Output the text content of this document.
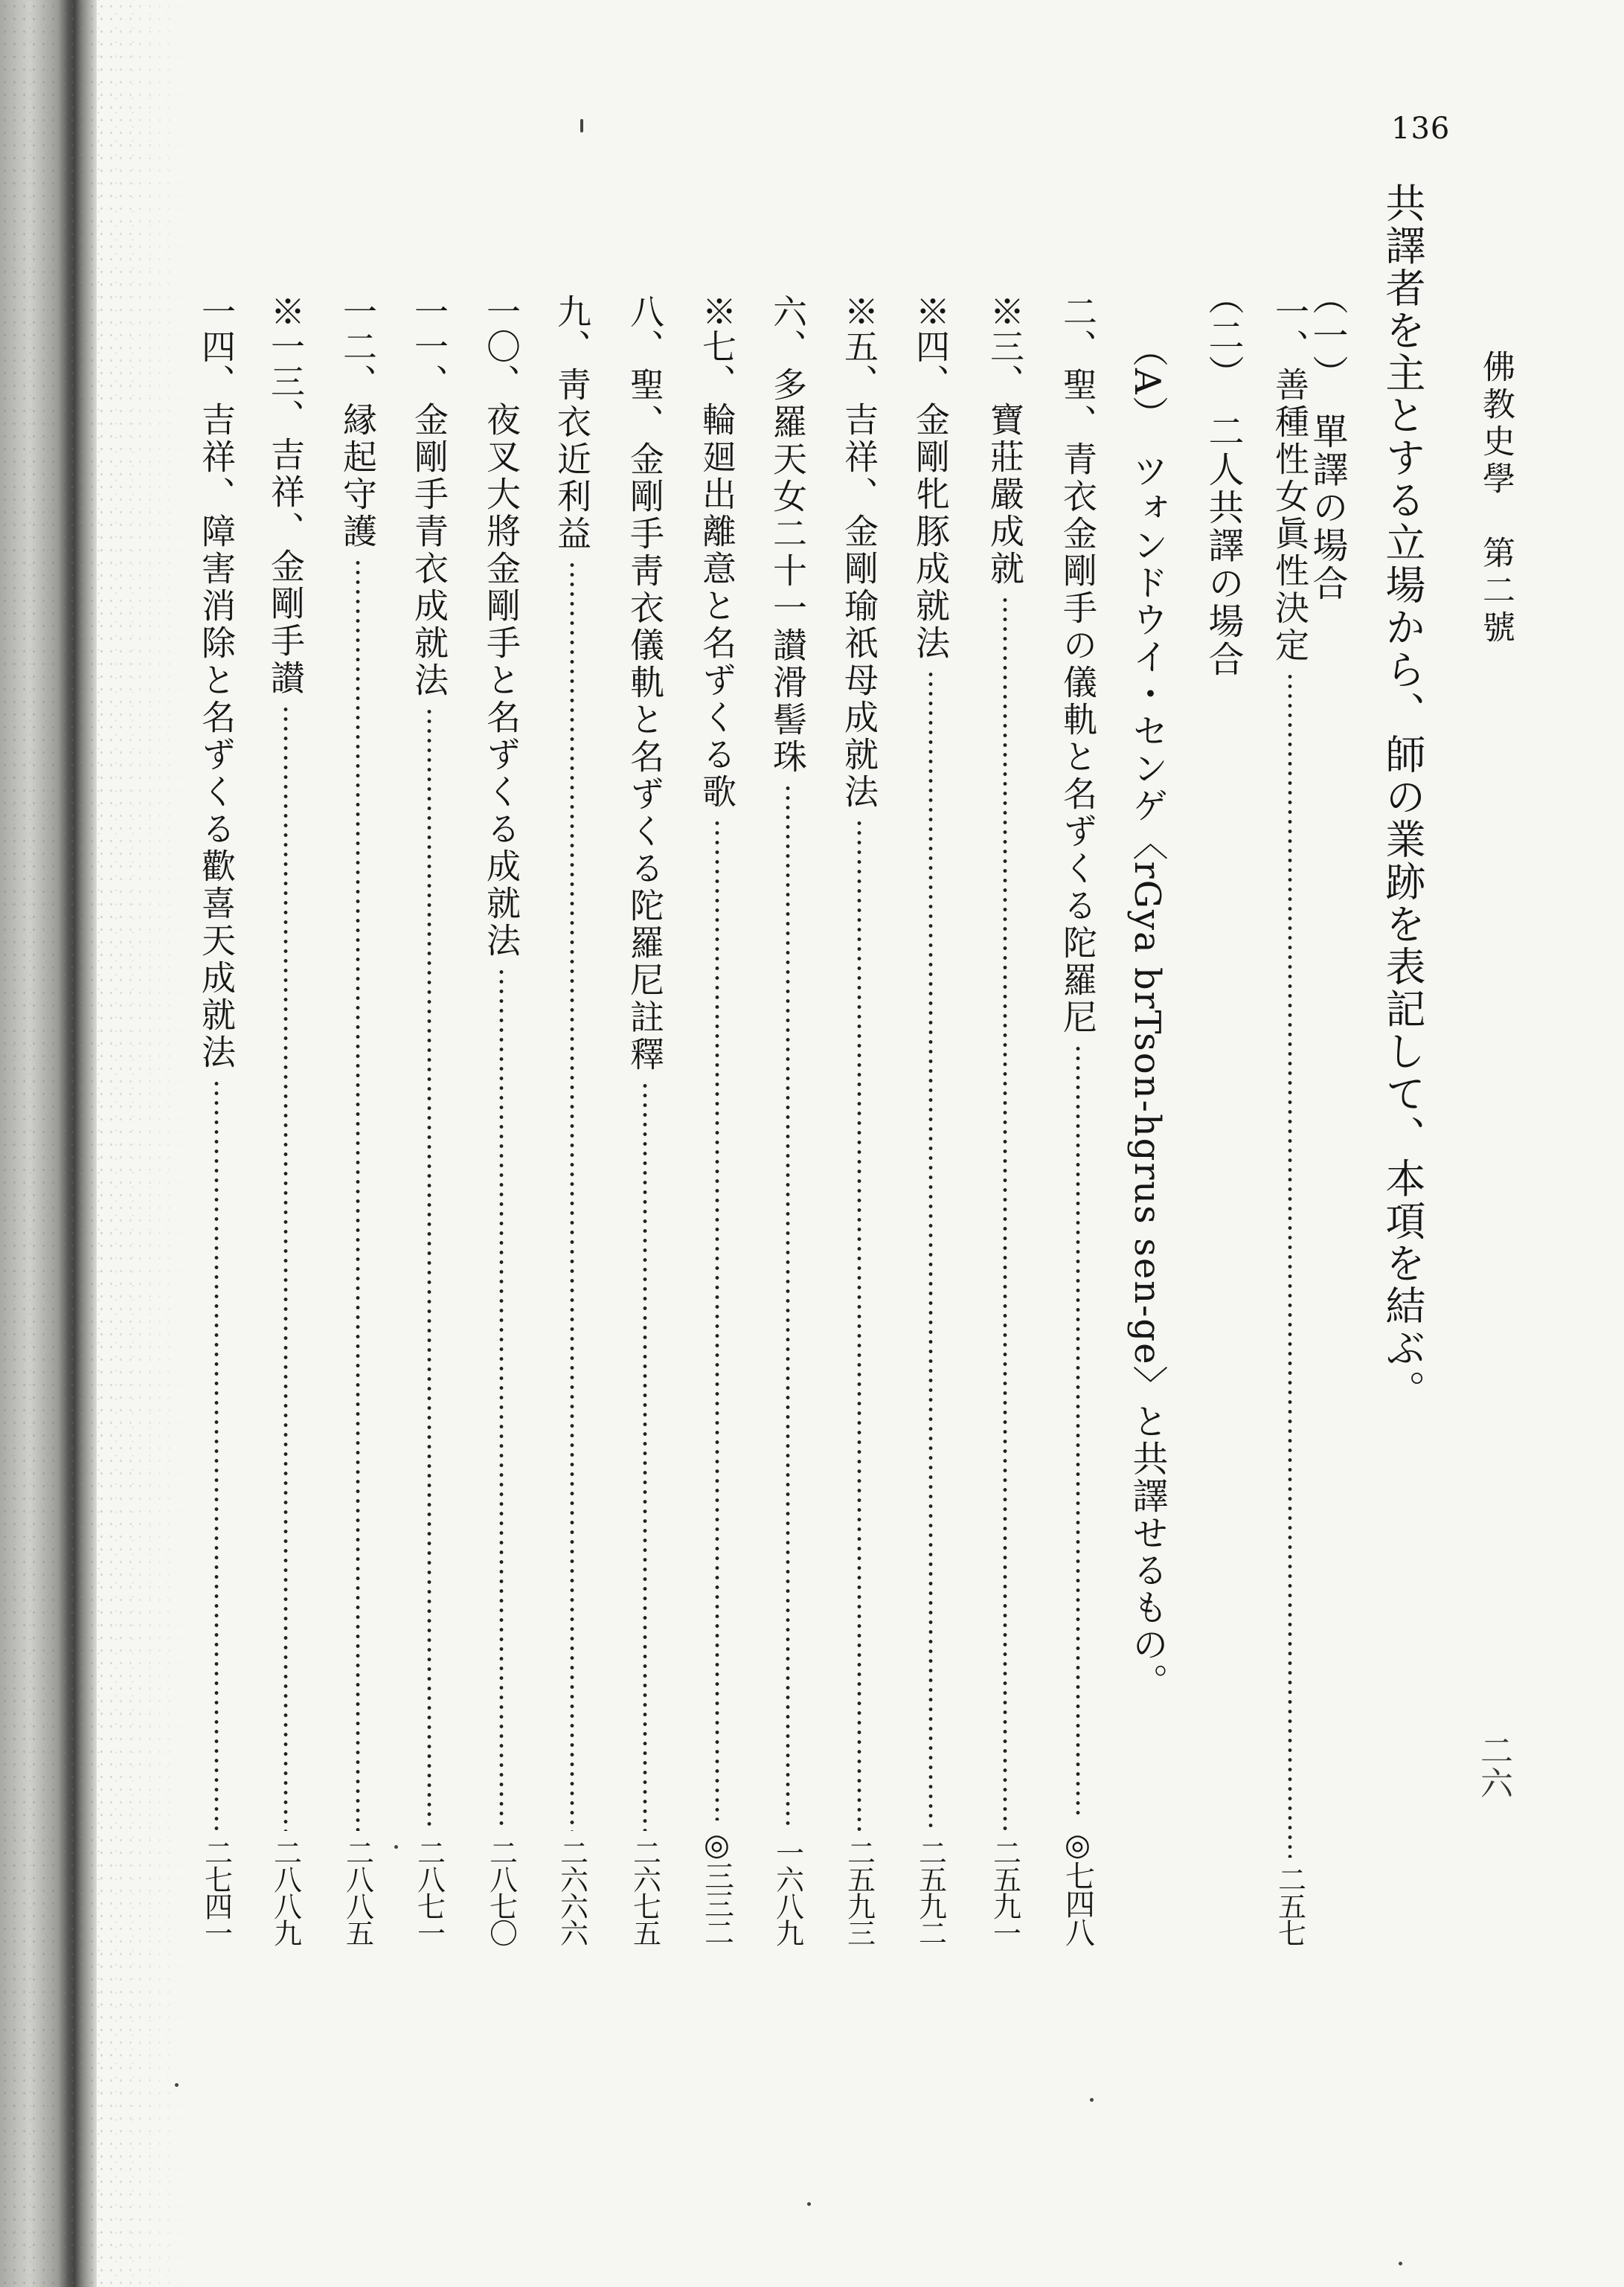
136
佛教史學　第二號
共譯者を主とする立場から、師の業跡を表記して、本項を結ぶ。
（一）　單譯の場合
一、
善種性女眞性決定
二五七
（二）　二人共譯の場合
（A）　ツォンドウイ・センゲ〈rGya brTson-hgrus sen-ge〉と共譯せるもの。
二、
聖、青衣金剛手の儀軌と名ずくる陀羅尼
◎七四八
※三、
寶莊嚴成就
二五九一
※四、
金剛牝豚成就法
二五九二
※五、
吉祥、金剛瑜祇母成就法
二五九三
六、
多羅天女二十一讃滑髻珠
一六八九
※七、
輪廻出離意と名ずくる歌
◎三三二
八、
聖、金剛手靑衣儀軌と名ずくる陀羅尼註釋
二六七五
九、
靑衣近利益
二六六六
一〇、
夜叉大將金剛手と名ずくる成就法
二八七〇
一一、
金剛手青衣成就法
二八七一
一二、
縁起守護
二八八五
※一三、
吉祥、金剛手讃
二八八九
一四、
吉祥、障害消除と名ずくる歡喜天成就法
二七四一
二六
